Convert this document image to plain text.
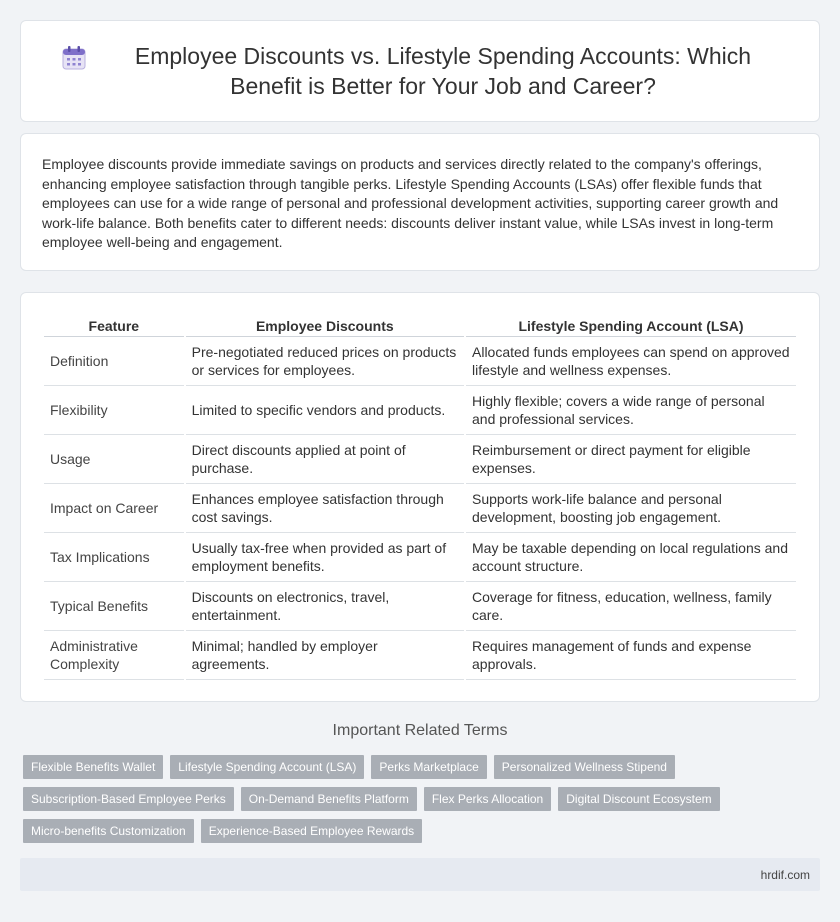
Employee Discounts vs. Lifestyle Spending Accounts: Which Benefit is Better for Your Job and Career?

Employee discounts provide immediate savings on products and services directly related to the company's offerings, enhancing employee satisfaction through tangible perks. Lifestyle Spending Accounts (LSAs) offer flexible funds that employees can use for a wide range of personal and professional development activities, supporting career growth and work-life balance. Both benefits cater to different needs: discounts deliver instant value, while LSAs invest in long-term employee well-being and engagement.

Feature	Employee Discounts	Lifestyle Spending Account (LSA)
Definition	Pre-negotiated reduced prices on products or services for employees.	Allocated funds employees can spend on approved lifestyle and wellness expenses.
Flexibility	Limited to specific vendors and products.	Highly flexible; covers a wide range of personal and professional services.
Usage	Direct discounts applied at point of purchase.	Reimbursement or direct payment for eligible expenses.
Impact on Career	Enhances employee satisfaction through cost savings.	Supports work-life balance and personal development, boosting job engagement.
Tax Implications	Usually tax-free when provided as part of employment benefits.	May be taxable depending on local regulations and account structure.
Typical Benefits	Discounts on electronics, travel, entertainment.	Coverage for fitness, education, wellness, family care.
Administrative Complexity	Minimal; handled by employer agreements.	Requires management of funds and expense approvals.
Important Related Terms
Flexible Benefits Wallet	Lifestyle Spending Account (LSA)	Perks Marketplace	Personalized Wellness Stipend
Subscription-Based Employee Perks	On-Demand Benefits Platform	Flex Perks Allocation	Digital Discount Ecosystem
Micro-benefits Customization	Experience-Based Employee Rewards
hrdif.com
